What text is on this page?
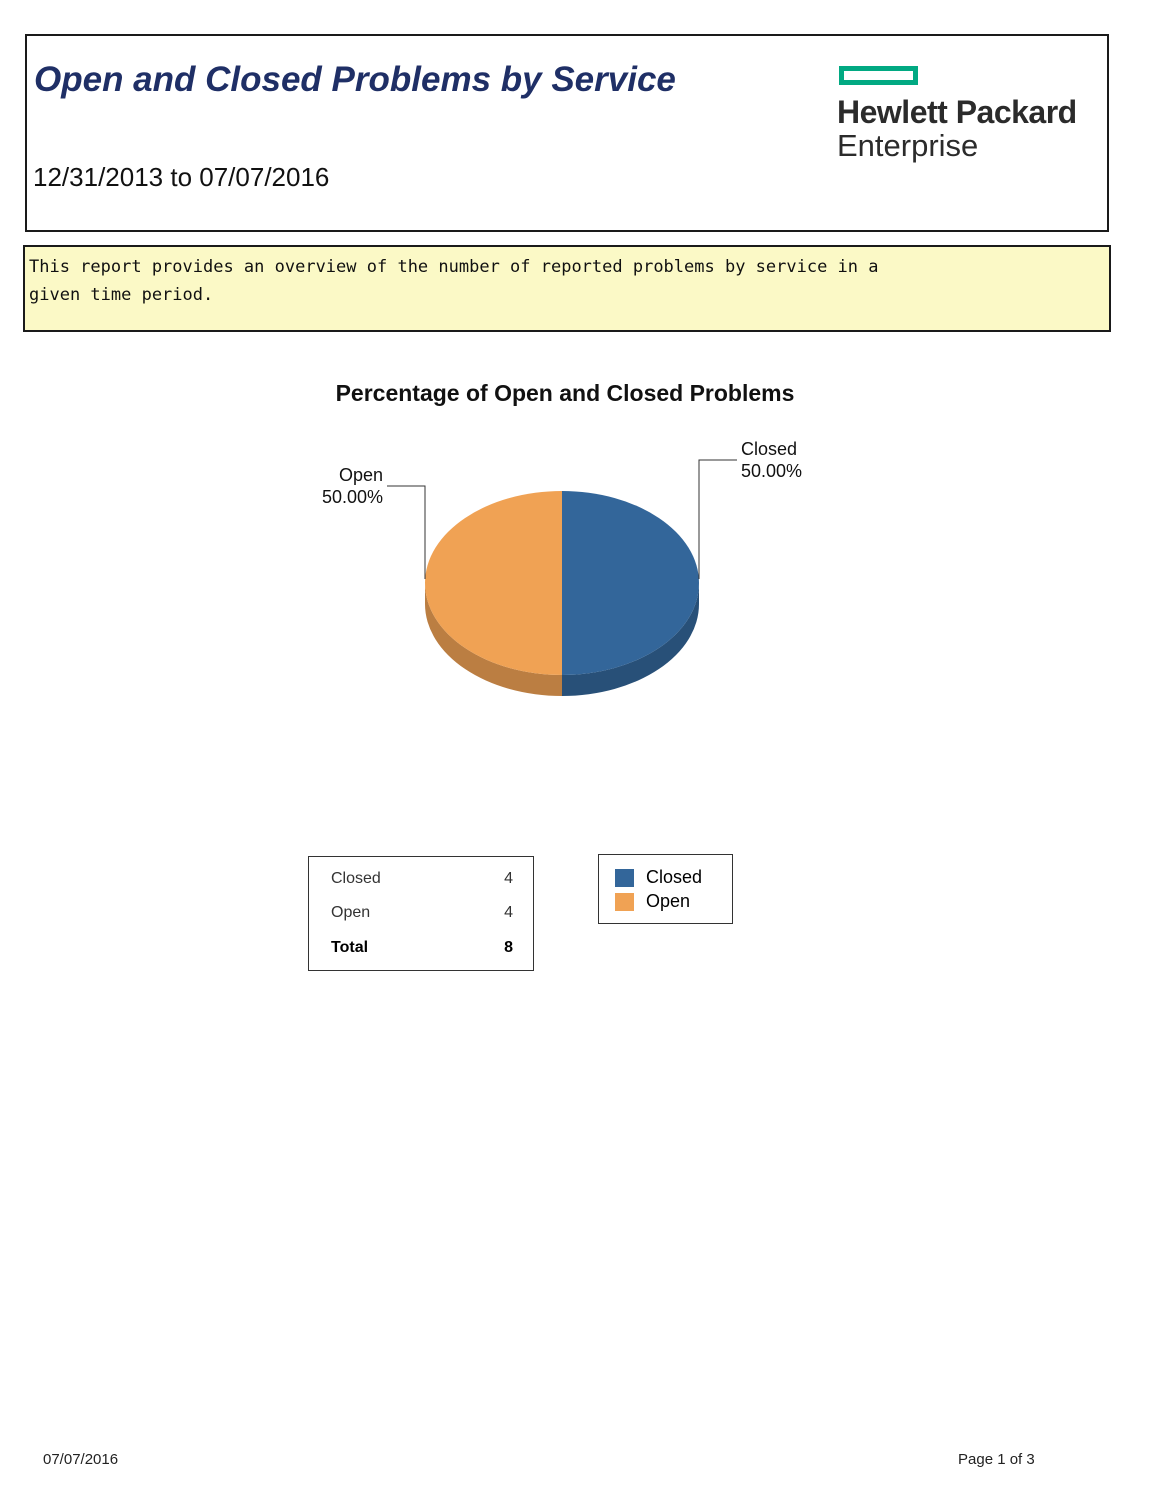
Open and Closed Problems by Service
12/31/2013 to 07/07/2016
Hewlett Packard
Enterprise

This report provides an overview of the number of reported problems by service in a given time period.

Percentage of Open and Closed Problems
Closed
50.00%
Open
50.00%
Closed	4
Open	4
Total	8
Closed
Open
07/07/2016	Page 1 of 3
